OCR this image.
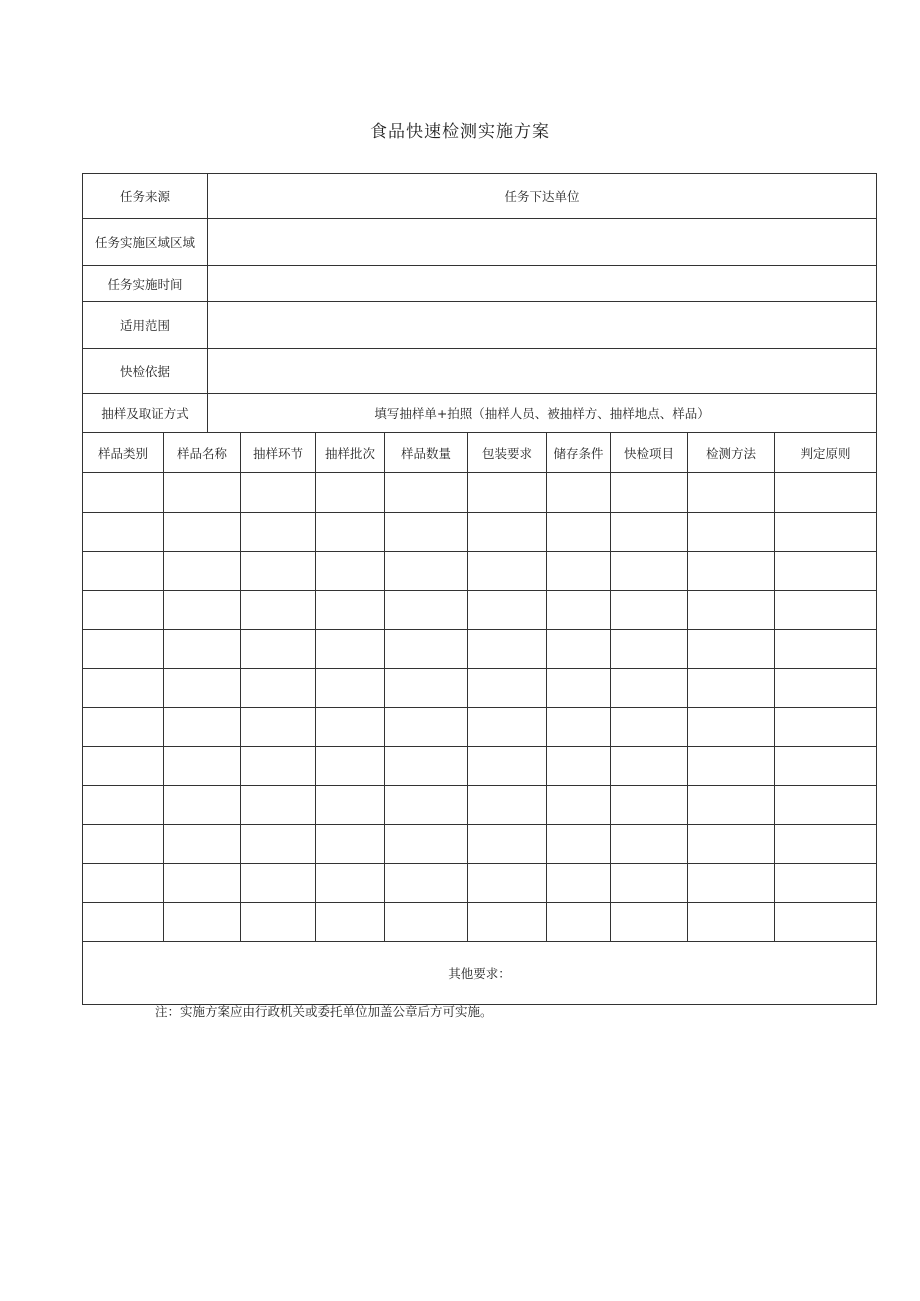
食品快速检测实施方案
任务来源		任务下达单位								
任务实施区域区域										
任务实施时间										
适用范围										
快检依据										
抽样及取证方式		填写抽样单+拍照（抽样人员、被抽样方、抽样地点、样品）								
样品类别	样品名称		抽样环节	抽样批次	样品数量	包装要求	储存条件	快检项目	检测方法	判定原则

其他要求：										
注：实施方案应由行政机关或委托单位加盖公章后方可实施。
